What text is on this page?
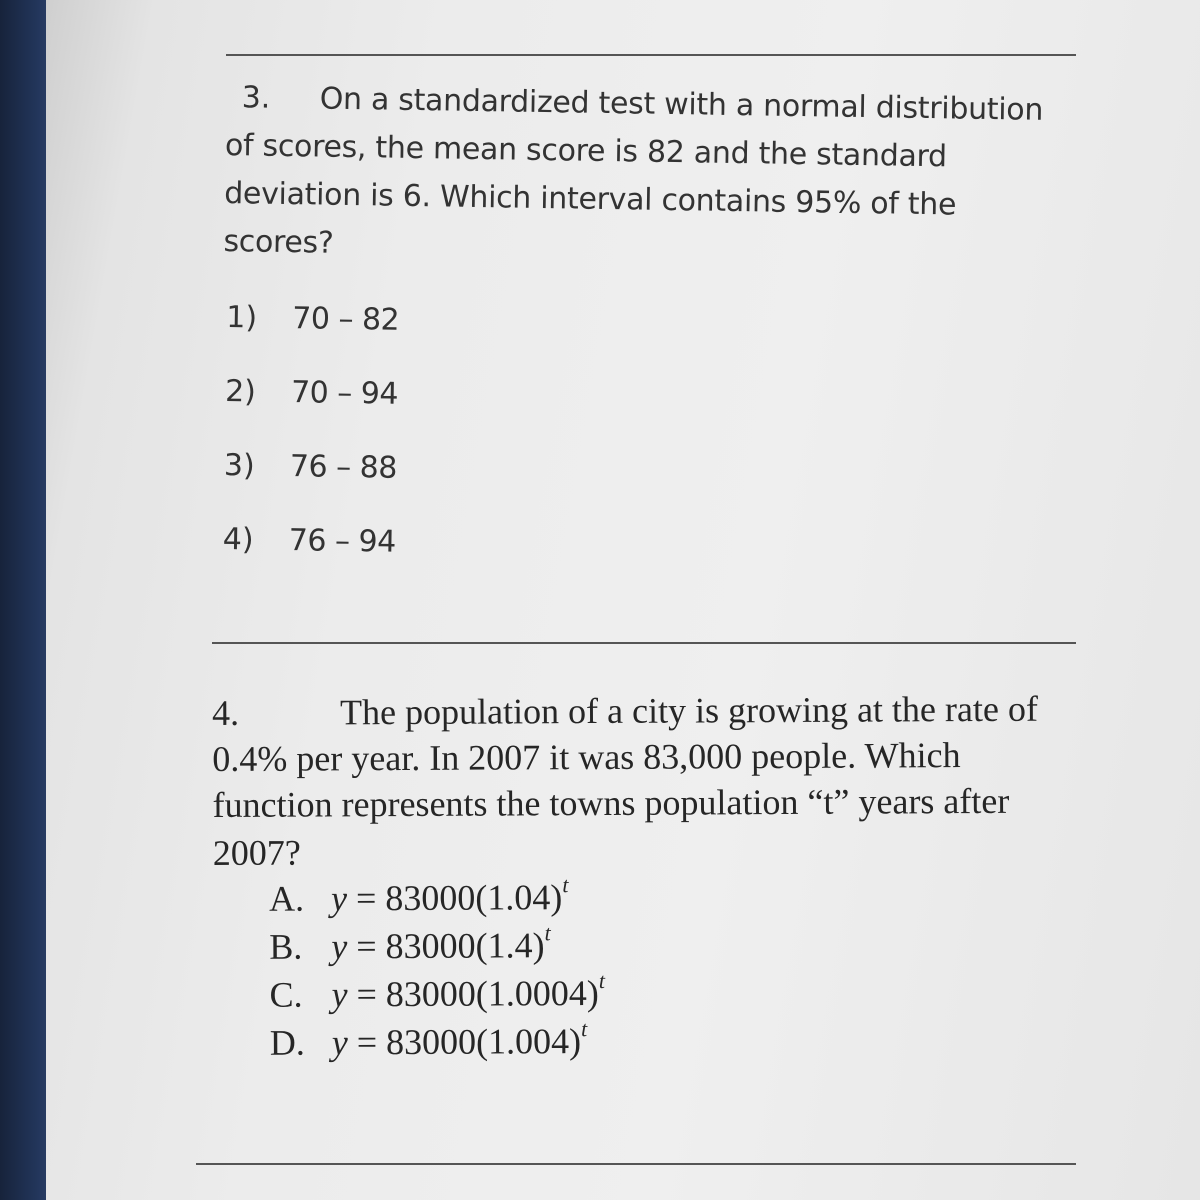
3. On a standardized test with a normal distribution
of scores, the mean score is 82 and the standard
deviation is 6. Which interval contains 95% of the
scores?
1) 70 – 82
2) 70 – 94
3) 76 – 88
4) 76 – 94
4.	The population of a city is growing at the rate of
0.4% per year. In 2007 it was 83,000 people. Which
function represents the towns population “t” years after
2007?
A. $y = 83000(1.04)^t$
B. $y = 83000(1.4)^t$
C. $y = 83000(1.0004)^t$
D. $y = 83000(1.004)^t$
